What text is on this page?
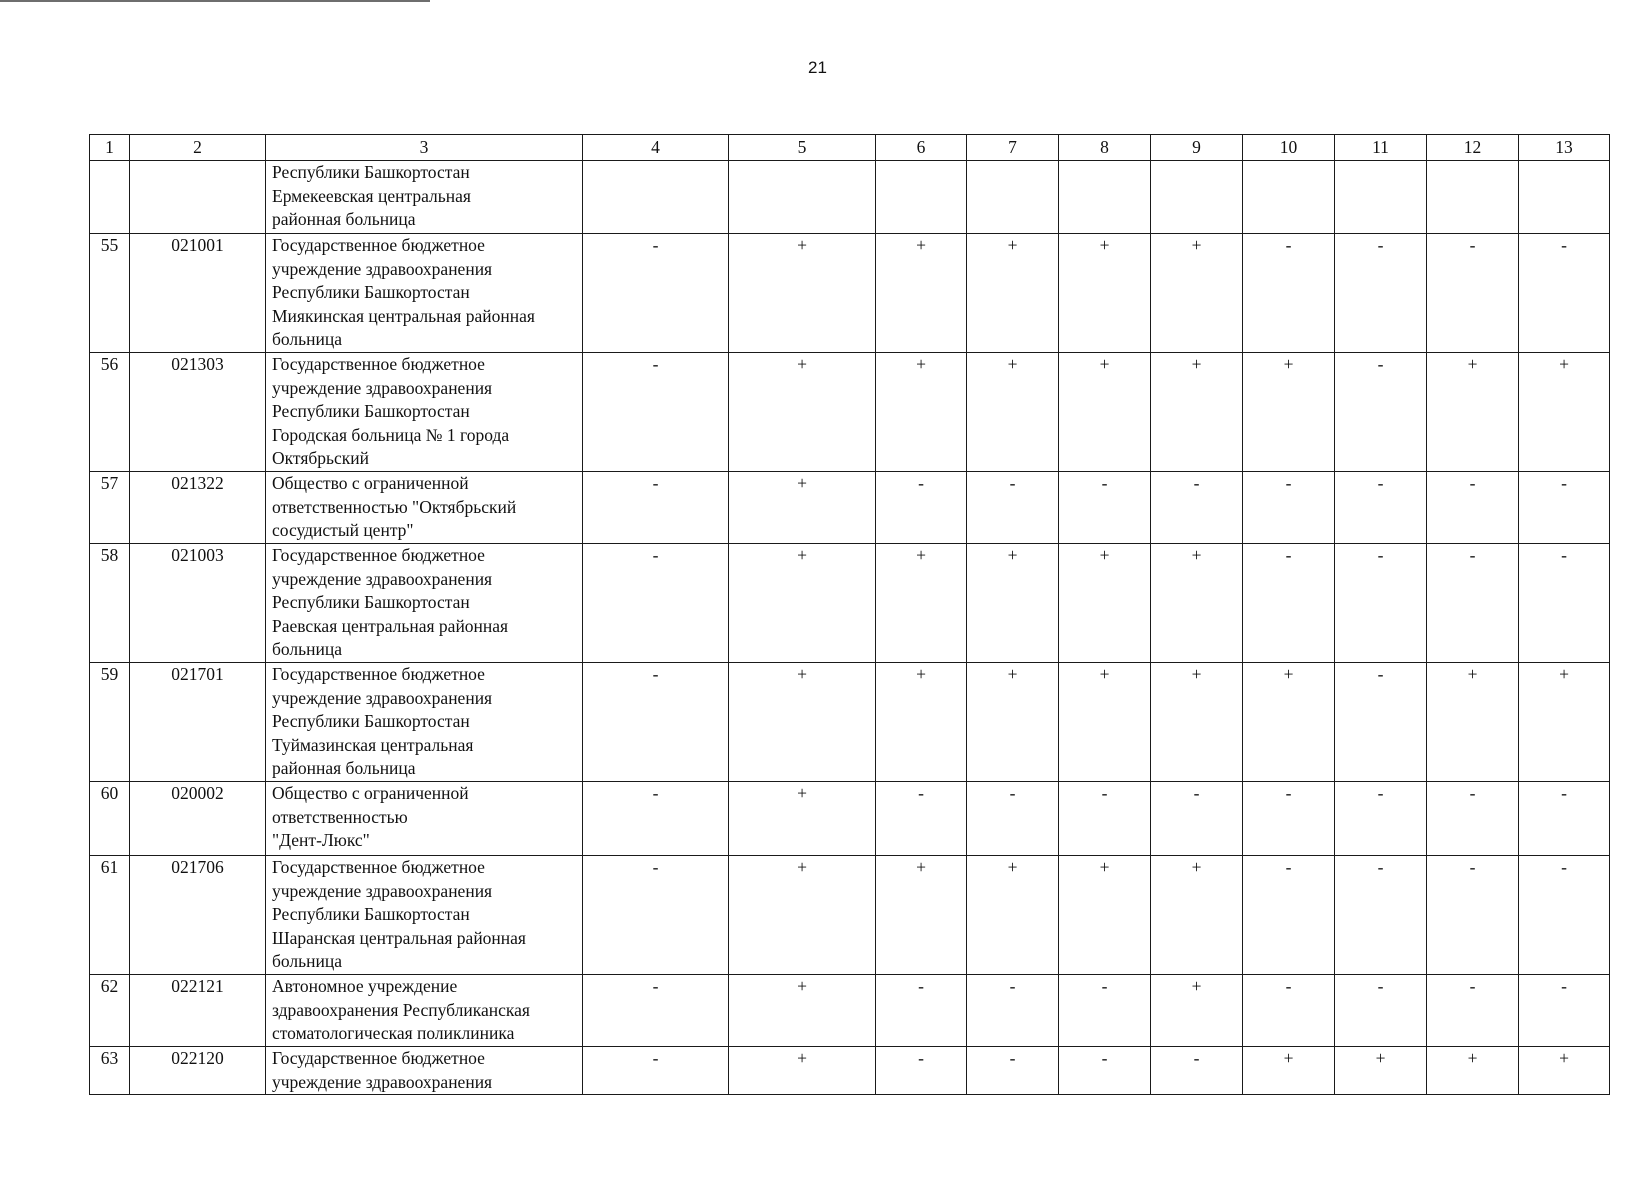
21
1	2	3	4	5	6	7	8	9	10	11	12	13

		Республики Башкортостан
Ермекеевская центральная
районная больница										

55	021001	Государственное бюджетное
учреждение здравоохранения
Республики Башкортостан
Миякинская центральная районная
больница	-	+	+	+	+	+	-	-	-	-
56	021303	Государственное бюджетное
учреждение здравоохранения
Республики Башкортостан
Городская больница № 1 города
Октябрьский	-	+	+	+	+	+	+	-	+	+
57	021322	Общество с ограниченной
ответственностью "Октябрьский
сосудистый центр"	-	+	-	-	-	-	-	-	-	-
58	021003	Государственное бюджетное
учреждение здравоохранения
Республики Башкортостан
Раевская центральная районная
больница	-	+	+	+	+	+	-	-	-	-
59	021701	Государственное бюджетное
учреждение здравоохранения
Республики Башкортостан
Туймазинская центральная
районная больница	-	+	+	+	+	+	+	-	+	+
60	020002	Общество с ограниченной
ответственностью
"Дент-Люкс"	-	+	-	-	-	-	-	-	-	-
61	021706	Государственное бюджетное
учреждение здравоохранения
Республики Башкортостан
Шаранская центральная районная
больница	-	+	+	+	+	+	-	-	-	-
62	022121	Автономное учреждение
здравоохранения Республиканская
стоматологическая поликлиника	-	+	-	-	-	+	-	-	-	-
63	022120	Государственное бюджетное
учреждение здравоохранения	-	+	-	-	-	-	+	+	+	+
